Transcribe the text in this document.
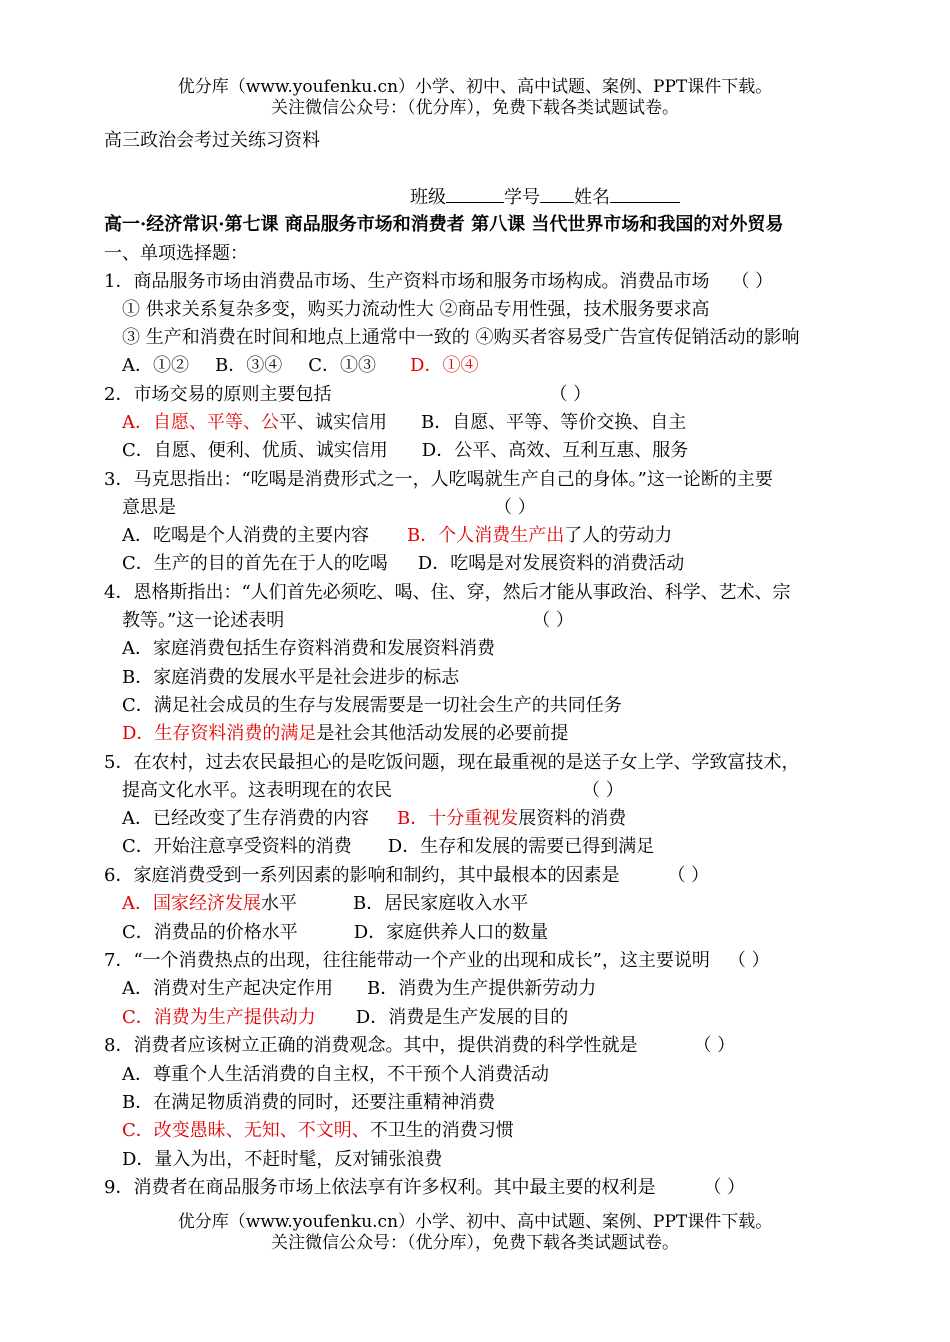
优分库（www.youfenku.cn）小学、初中、高中试题、案例、PPT课件下载。
关注微信公众号：（优分库），免费下载各类试题试卷。
高三政治会考过关练习资料
班级	学号 姓名
高一·经济常识·第七课 商品服务市场和消费者 第八课 当代世界市场和我国的对外贸易
一、单项选择题：
1．商品服务市场由消费品市场、生产资料市场和服务市场构成。消费品市场 （ ）
① 供求关系复杂多变，购买力流动性大 ②商品专用性强，技术服务要求高
③ 生产和消费在时间和地点上通常中一致的 ④购买者容易受广告宣传促销活动的影响
A．①② B．③④ C．①③ D．①④
2．市场交易的原则主要包括	（ ）
A．自愿、平等、公平、诚实信用 B．自愿、平等、等价交换、自主
C．自愿、便利、优质、诚实信用 D．公平、高效、互利互惠、服务
3．马克思指出：“吃喝是消费形式之一，人吃喝就生产自己的身体。”这一论断的主要
意思是	（ ）
A．吃喝是个人消费的主要内容 B．个人消费生产出了人的劳动力
C．生产的目的首先在于人的吃喝 D．吃喝是对发展资料的消费活动
4．恩格斯指出：“人们首先必须吃、喝、住、穿，然后才能从事政治、科学、艺术、宗
教等。”这一论述表明	（ ）
A．家庭消费包括生存资料消费和发展资料消费
B．家庭消费的发展水平是社会进步的标志
C．满足社会成员的生存与发展需要是一切社会生产的共同任务
D．生存资料消费的满足是社会其他活动发展的必要前提
5．在农村，过去农民最担心的是吃饭问题，现在最重视的是送子女上学、学致富技术，
提高文化水平。这表明现在的农民	（ ）
A．已经改变了生存消费的内容 B．十分重视发展资料的消费
C．开始注意享受资料的消费 D．生存和发展的需要已得到满足
6．家庭消费受到一系列因素的影响和制约，其中最根本的因素是	（ ）
A．国家经济发展水平	B．居民家庭收入水平
C．消费品的价格水平	D．家庭供养人口的数量
7．“一个消费热点的出现，往往能带动一个产业的出现和成长”，这主要说明 （ ）
A．消费对生产起决定作用 B．消费为生产提供新劳动力
C．消费为生产提供动力 D．消费是生产发展的目的
8．消费者应该树立正确的消费观念。其中，提供消费的科学性就是	（ ）
A．尊重个人生活消费的自主权，不干预个人消费活动
B．在满足物质消费的同时，还要注重精神消费
C．改变愚昧、无知、不文明、不卫生的消费习惯
D．量入为出，不赶时髦，反对铺张浪费
9．消费者在商品服务市场上依法享有许多权利。其中最主要的权利是	（ ）
优分库（www.youfenku.cn）小学、初中、高中试题、案例、PPT课件下载。
关注微信公众号：（优分库），免费下载各类试题试卷。
